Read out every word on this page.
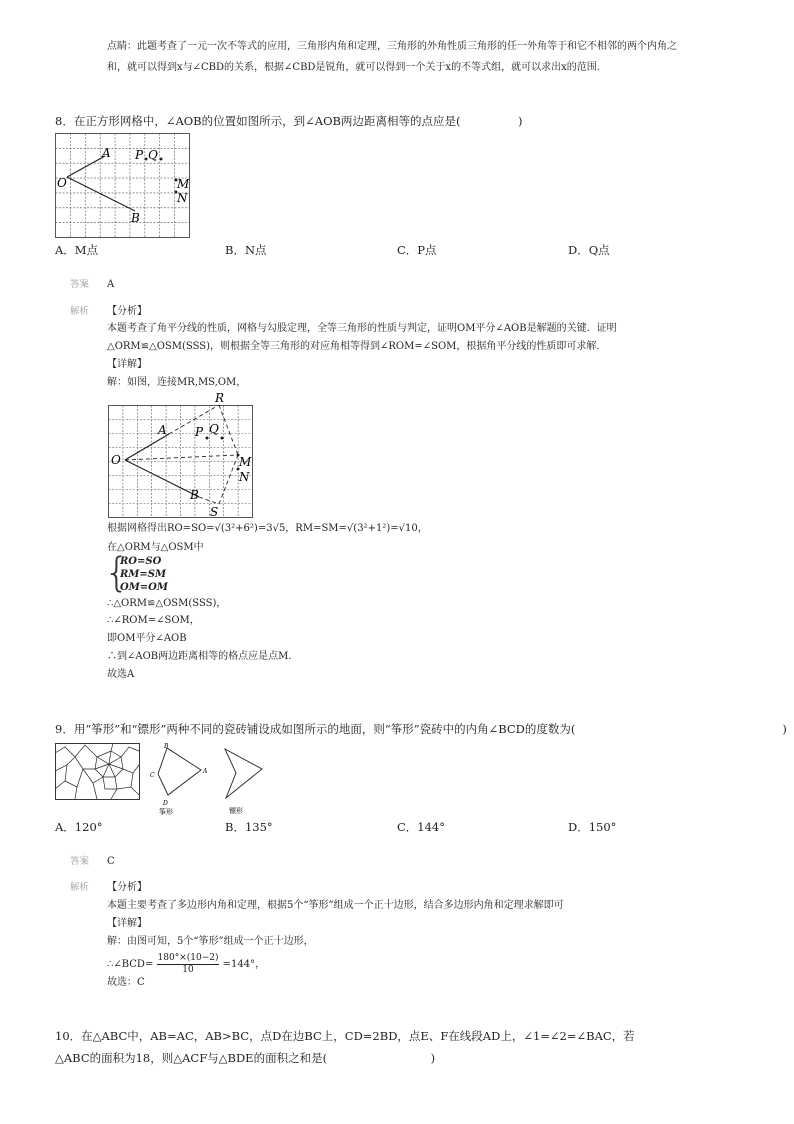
点睛：此题考查了一元一次不等式的应用，三角形内角和定理，三角形的外角性质三角形的任一外角等于和它不相邻的两个内角之
和，就可以得到x与∠CBD的关系，根据∠CBD是锐角，就可以得到一个关于x的不等式组，就可以求出x的范围.
8．在正方形网格中，∠AOB的位置如图所示，到∠AOB两边距离相等的点应是(　　　　　)
O
A
B
P Q
M
N
A．M点	B．N点	C．P点	D．Q点
答案 A
解析 【分析】
本题考查了角平分线的性质，网格与勾股定理，全等三角形的性质与判定，证明OM平分∠AOB是解题的关键．证明
△ORM≌△OSM(SSS)，则根据全等三角形的对应角相等得到∠ROM=∠SOM，根据角平分线的性质即可求解．
【详解】
解：如图，连接MR,MS,OM，
O
A
B
P Q
M
N
R
S
根据网格得出RO=SO=√(3²+6²)=3√5，RM=SM=√(3²+1²)=√10，
在△ORM与△OSM中
{
RO=SO
RM=SM
OM=OM
∴△ORM≌△OSM(SSS)，
∴∠ROM=∠SOM，
即OM平分∠AOB
∴到∠AOB两边距离相等的格点应是点M．
故选A
9．用“筝形”和“镖形”两种不同的瓷砖铺设成如图所示的地面，则“筝形”瓷砖中的内角∠BCD的度数为(　　　　　　　　　　　　　　　　　　)
B
C
D
A
筝形	镖形
A．120°	B．135°	C．144°	D．150°
答案 C
解析 【分析】
本题主要考查了多边形内角和定理，根据5个“筝形”组成一个正十边形，结合多边形内角和定理求解即可
【详解】
解：由图可知，5个“筝形”组成一个正十边形，
∴∠BCD= $\frac{180^\circ\times(10-2)}{10} =144^\circ$，
故选：C
10．在△ABC中，AB=AC，AB>BC，点D在边BC上，CD=2BD，点E、F在线段AD上，∠1=∠2=∠BAC，若
△ABC的面积为18，则△ACF与△BDE的面积之和是(　　　　　　　　　)
